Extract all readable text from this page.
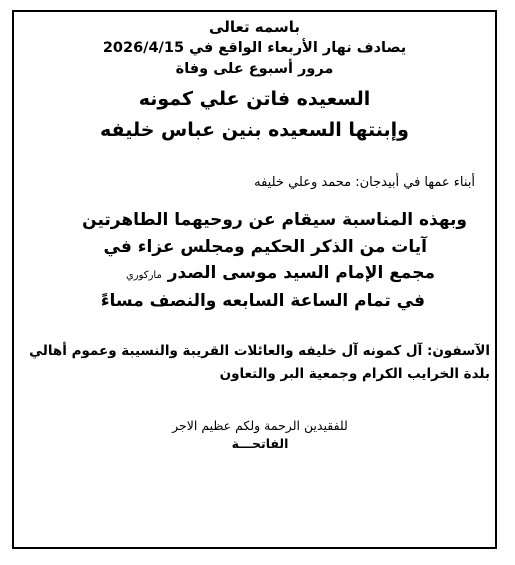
باسمه تعالى
يصادف نهار الأربعاء الواقع في 2026/4/15
مرور أسبوع على وفاة
السعيده فاتن علي كمونه
وإبنتها السعيده بنين عباس خليفه
أبناء عمها في أبيدجان: محمد وعلي خليفه
وبهذه المناسبة سيقام عن روحيهما الطاهرتين
آيات من الذكر الحكيم ومجلس عزاء في
مجمع الإمام السيد موسى الصدر ماركوري
في تمام الساعة السابعه والنصف مساءً
الآسفون: آل كمونه آل خليفه والعائلات القريبة والنسيبة وعموم أهالي
بلدة الخرايب الكرام وجمعية البر والتعاون
للفقيدين الرحمة ولكم عظيم الاجر
الفاتحـــة
